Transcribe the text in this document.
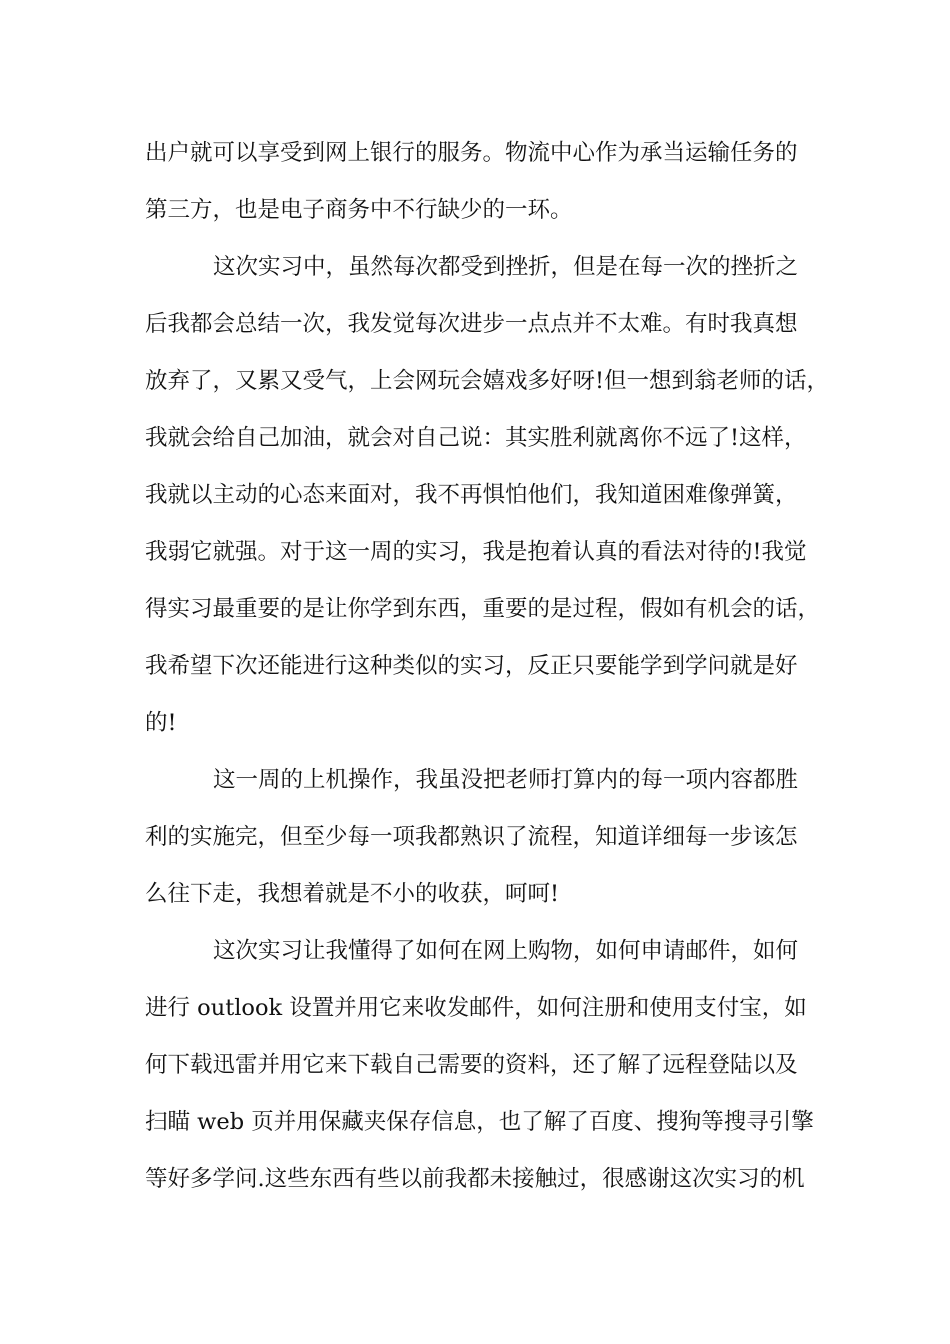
出户就可以享受到网上银行的服务。物流中心作为承当运输任务的
第三方，也是电子商务中不行缺少的一环。
这次实习中，虽然每次都受到挫折，但是在每一次的挫折之
后我都会总结一次，我发觉每次进步一点点并不太难。有时我真想
放弃了，又累又受气，上会网玩会嬉戏多好呀!但一想到翁老师的话，
我就会给自己加油，就会对自己说：其实胜利就离你不远了!这样，
我就以主动的心态来面对，我不再惧怕他们，我知道困难像弹簧，
我弱它就强。对于这一周的实习，我是抱着认真的看法对待的!我觉
得实习最重要的是让你学到东西，重要的是过程，假如有机会的话，
我希望下次还能进行这种类似的实习，反正只要能学到学问就是好
的!
这一周的上机操作，我虽没把老师打算内的每一项内容都胜
利的实施完，但至少每一项我都熟识了流程，知道详细每一步该怎
么往下走，我想着就是不小的收获，呵呵!
这次实习让我懂得了如何在网上购物，如何申请邮件，如何
进行 outlook 设置并用它来收发邮件，如何注册和使用支付宝，如
何下载迅雷并用它来下载自己需要的资料，还了解了远程登陆以及
扫瞄 web 页并用保藏夹保存信息，也了解了百度、搜狗等搜寻引擎
等好多学问.这些东西有些以前我都未接触过，很感谢这次实习的机
